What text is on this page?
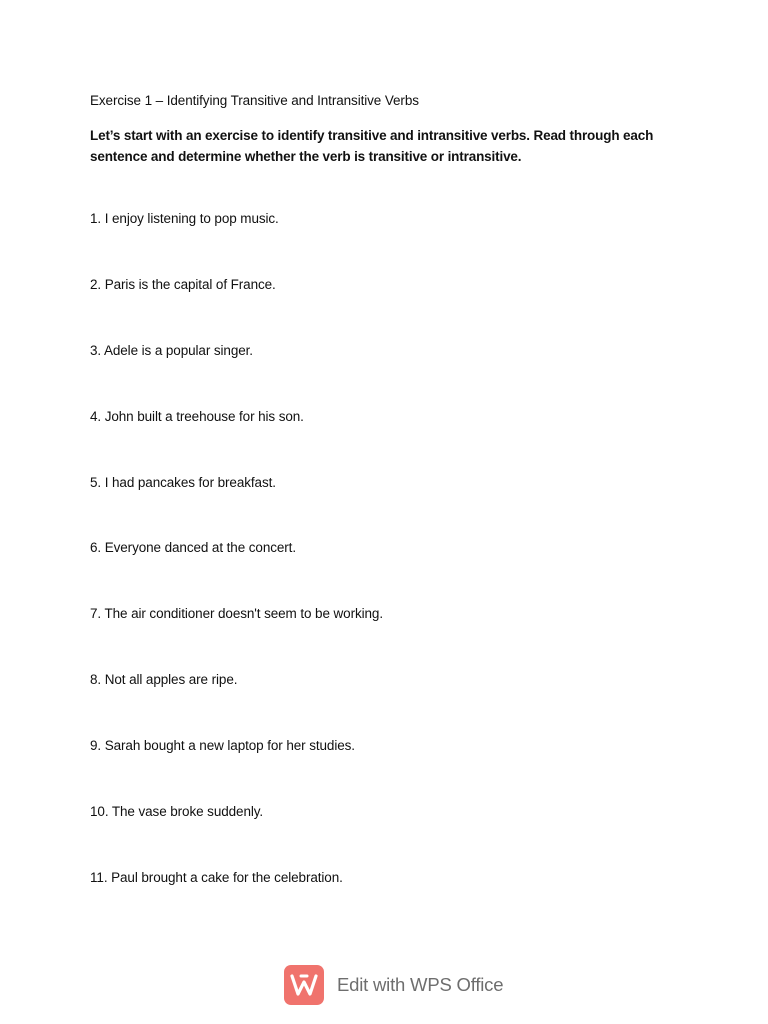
Exercise 1 – Identifying Transitive and Intransitive Verbs
Let’s start with an exercise to identify transitive and intransitive verbs. Read through each sentence and determine whether the verb is transitive or intransitive.
1. I enjoy listening to pop music.
2. Paris is the capital of France.
3. Adele is a popular singer.
4. John built a treehouse for his son.
5. I had pancakes for breakfast.
6. Everyone danced at the concert.
7. The air conditioner doesn't seem to be working.
8. Not all apples are ripe.
9. Sarah bought a new laptop for her studies.
10. The vase broke suddenly.
11. Paul brought a cake for the celebration.
Edit with WPS Office
